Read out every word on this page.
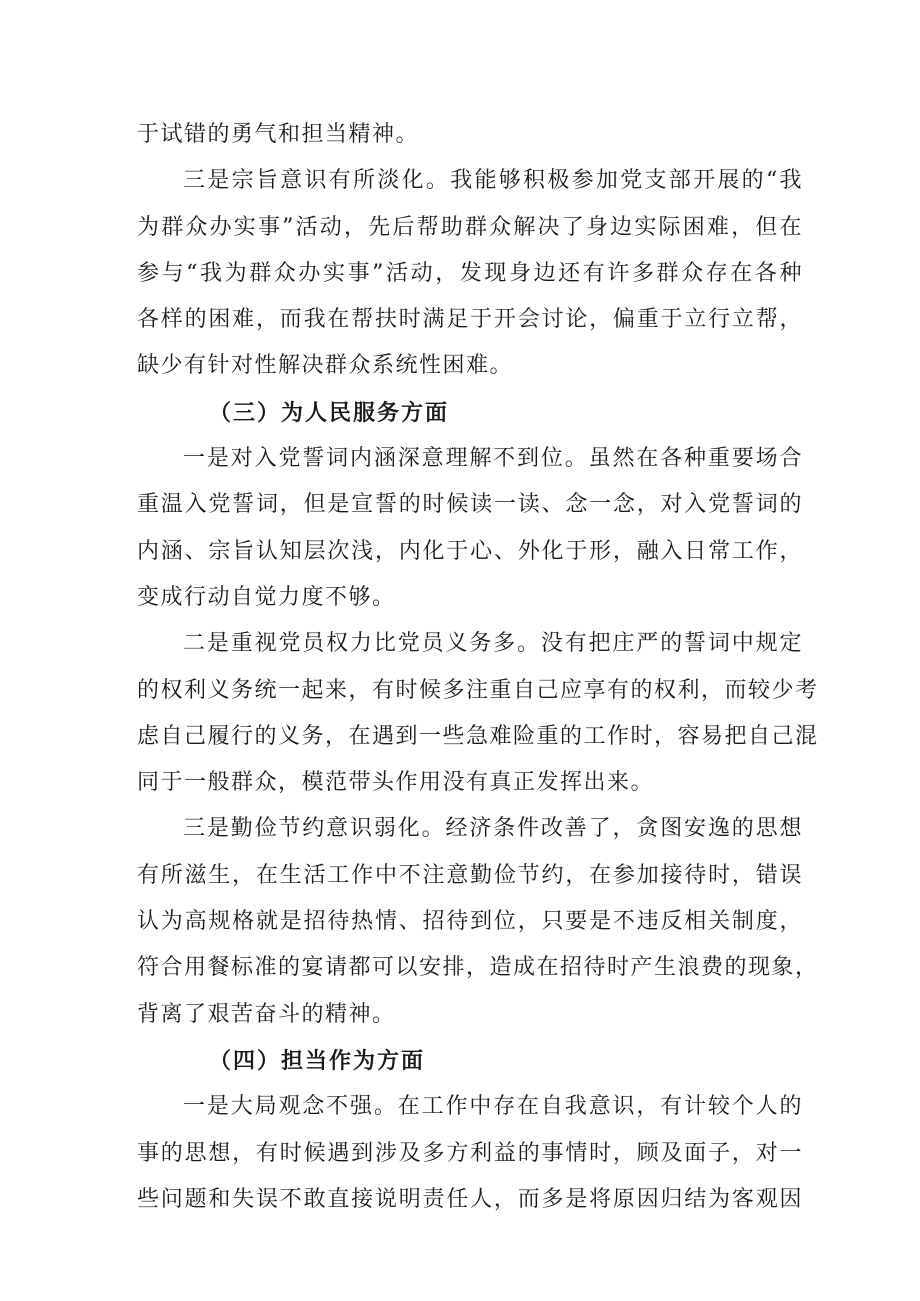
于试错的勇气和担当精神。
三是宗旨意识有所淡化。我能够积极参加党支部开展的“我
为群众办实事”活动，先后帮助群众解决了身边实际困难，但在
参与“我为群众办实事”活动，发现身边还有许多群众存在各种
各样的困难，而我在帮扶时满足于开会讨论，偏重于立行立帮，
缺少有针对性解决群众系统性困难。
（三）为人民服务方面
一是对入党誓词内涵深意理解不到位。虽然在各种重要场合
重温入党誓词，但是宣誓的时候读一读、念一念，对入党誓词的
内涵、宗旨认知层次浅，内化于心、外化于形，融入日常工作，
变成行动自觉力度不够。
二是重视党员权力比党员义务多。没有把庄严的誓词中规定
的权利义务统一起来，有时候多注重自己应享有的权利，而较少考
虑自己履行的义务，在遇到一些急难险重的工作时，容易把自己混
同于一般群众，模范带头作用没有真正发挥出来。
三是勤俭节约意识弱化。经济条件改善了，贪图安逸的思想
有所滋生，在生活工作中不注意勤俭节约，在参加接待时，错误
认为高规格就是招待热情、招待到位，只要是不违反相关制度，
符合用餐标准的宴请都可以安排，造成在招待时产生浪费的现象，
背离了艰苦奋斗的精神。
（四）担当作为方面
一是大局观念不强。在工作中存在自我意识，有计较个人的
事的思想，有时候遇到涉及多方利益的事情时，顾及面子，对一
些问题和失误不敢直接说明责任人，而多是将原因归结为客观因
